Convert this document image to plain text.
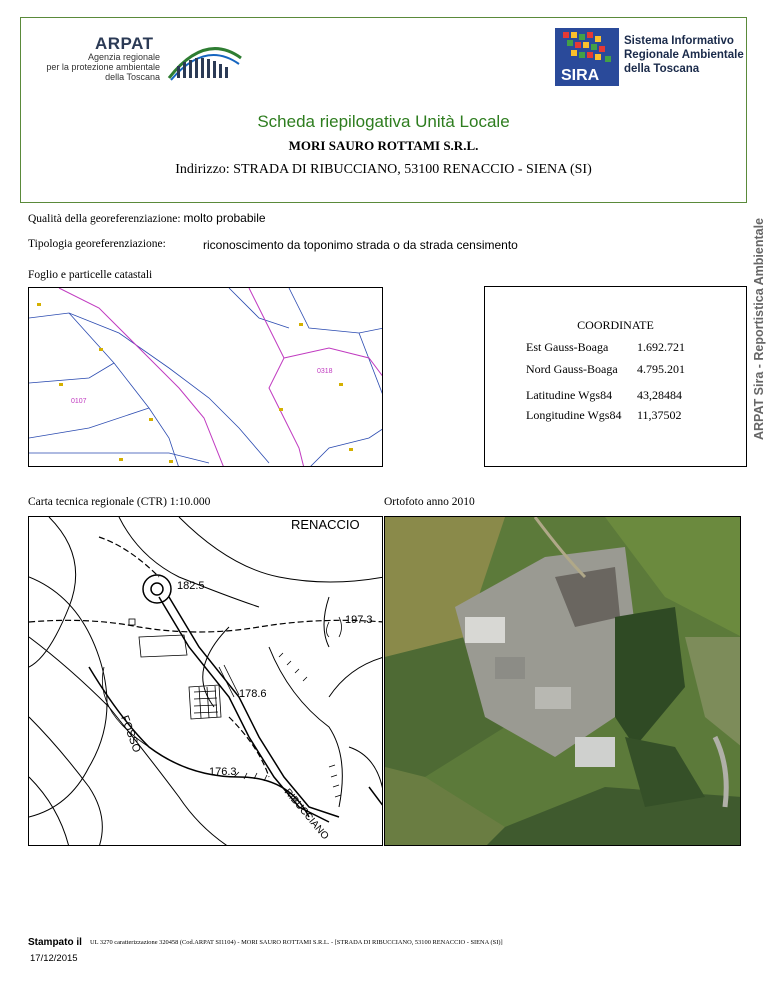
ARPAT
Agenzia regionale
per la protezione ambientale
della Toscana	SIRA
Sistema Informativo
Regionale Ambientale
della Toscana
Scheda riepilogativa Unità Locale
MORI SAURO ROTTAMI S.R.L.
Indirizzo: STRADA DI RIBUCCIANO, 53100 RENACCIO - SIENA (SI)
ARPAT Sira - Reportistica Ambientale
Qualità della georeferenziazione: molto probabile
Tipologia georeferenziazione:	riconoscimento da toponimo strada o da strada censimento
Foglio e particelle catastali
0107
0318
COORDINATE
Est Gauss-Boaga 1.692.721
Nord Gauss-Boaga 4.795.201
Latitudine Wgs84 43,28484
Longitudine Wgs84 11,37502
Carta tecnica regionale (CTR) 1:10.000	Ortofoto anno 2010
RENACCIO
182.5
197.3
178.6
176.3
FOSSO
RIBUCCIANO
Stampato il
17/12/2015
UL 3270 caratterizzazione 320458 (Cod.ARPAT SI1104) - MORI SAURO ROTTAMI S.R.L. - [STRADA DI RIBUCCIANO, 53100 RENACCIO - SIENA (SI)]
